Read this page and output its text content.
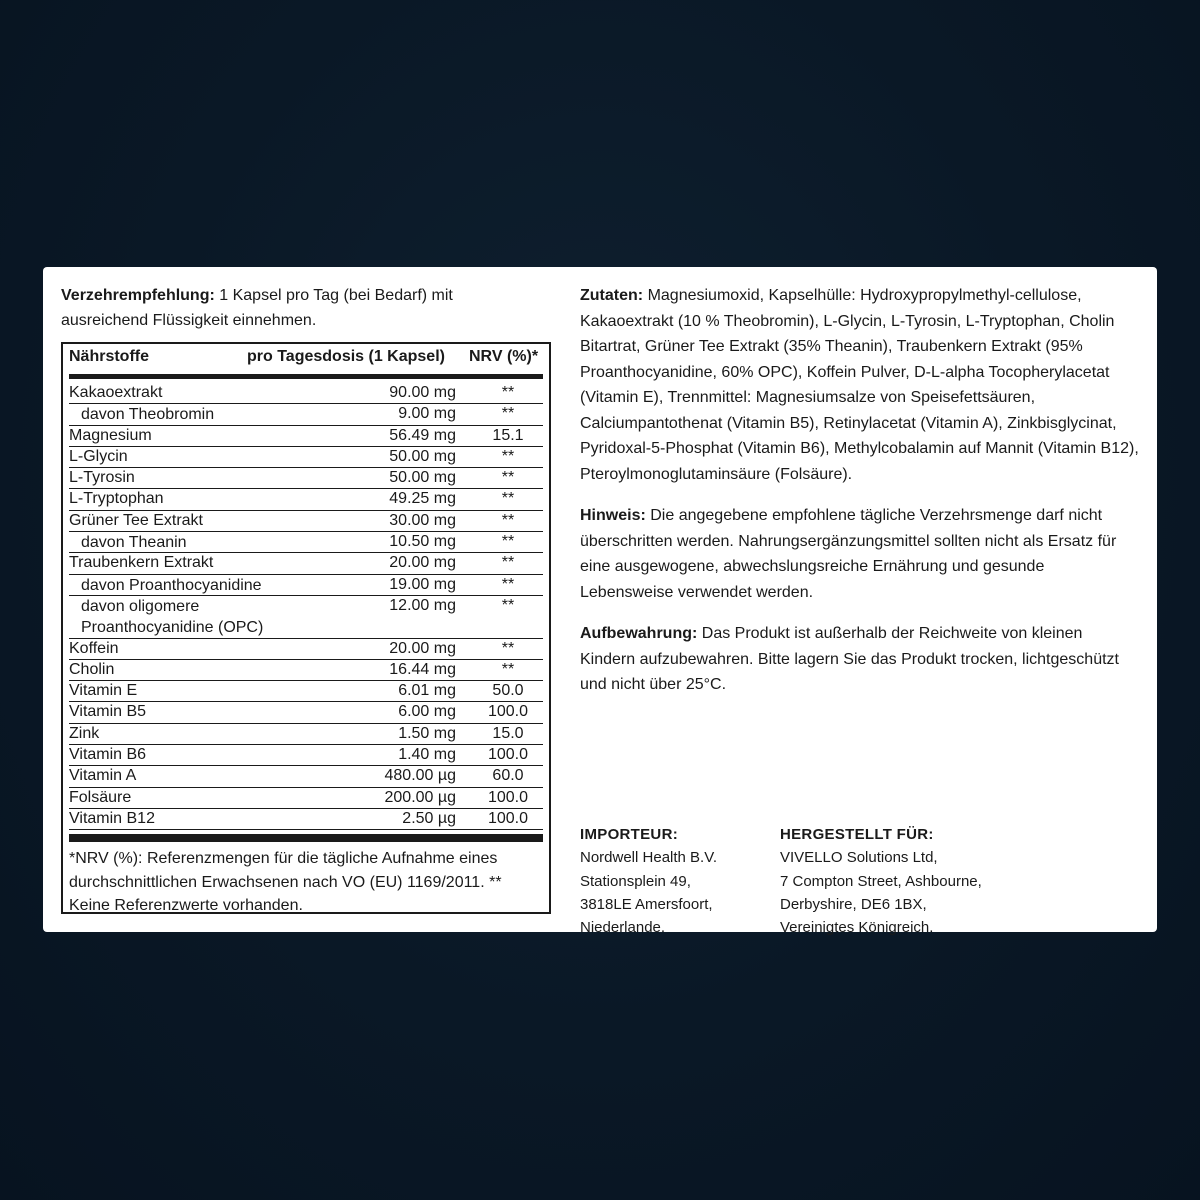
Verzehrempfehlung: 1 Kapsel pro Tag (bei Bedarf) mit ausreichend Flüssigkeit einnehmen.

Nährstoffe	pro Tagesdosis (1 Kapsel) NRV (%)*
Kakaoextrakt	90.00 mg	**
davon Theobromin	9.00 mg	**
Magnesium	56.49 mg	15.1
L-Glycin	50.00 mg	**
L-Tyrosin	50.00 mg	**
L-Tryptophan	49.25 mg	**
Grüner Tee Extrakt	30.00 mg	**
davon Theanin	10.50 mg	**
Traubenkern Extrakt	20.00 mg	**
davon Proanthocyanidine	19.00 mg	**
davon oligomere
Proanthocyanidine (OPC)
12.00 mg	**
Koffein	20.00 mg	**
Cholin	16.44 mg	**
Vitamin E	6.01 mg	50.0
Vitamin B5	6.00 mg	100.0
Zink	1.50 mg	15.0
Vitamin B6	1.40 mg	100.0
Vitamin A	480.00 µg	60.0
Folsäure	200.00 µg	100.0
Vitamin B12	2.50 µg	100.0

*NRV (%): Referenzmengen für die tägliche Aufnahme eines durchschnittlichen Erwachsenen nach VO (EU) 1169/2011. ** Keine Referenzwerte vorhanden.

Zutaten: Magnesiumoxid, Kapselhülle: Hydroxypropylmethyl-cellulose, Kakaoextrakt (10 % Theobromin), L-Glycin, L-Tyrosin, L-Tryptophan, Cholin Bitartrat, Grüner Tee Extrakt (35% Theanin), Traubenkern Extrakt (95% Proanthocyanidine, 60% OPC), Koffein Pulver, D-L-alpha Tocopherylacetat (Vitamin E), Trennmittel: Magnesiumsalze von Speisefettsäuren, Calciumpantothenat (Vitamin B5), Retinylacetat (Vitamin A), Zinkbisglycinat, Pyridoxal-5-Phosphat (Vitamin B6), Methylcobalamin auf Mannit (Vitamin B12), Pteroylmonoglutaminsäure (Folsäure).

Hinweis: Die angegebene empfohlene tägliche Verzehrsmenge darf nicht überschritten werden. Nahrungsergänzungsmittel sollten nicht als Ersatz für eine ausgewogene, abwechslungsreiche Ernährung und gesunde Lebensweise verwendet werden.

Aufbewahrung: Das Produkt ist außerhalb der Reichweite von kleinen Kindern aufzubewahren. Bitte lagern Sie das Produkt trocken, lichtgeschützt und nicht über 25°C.

IMPORTEUR:
Nordwell Health B.V.
Stationsplein 49,
3818LE Amersfoort,
Niederlande.
HERGESTELLT FÜR:
VIVELLO Solutions Ltd,
7 Compton Street, Ashbourne,
Derbyshire, DE6 1BX,
Vereinigtes Königreich.
